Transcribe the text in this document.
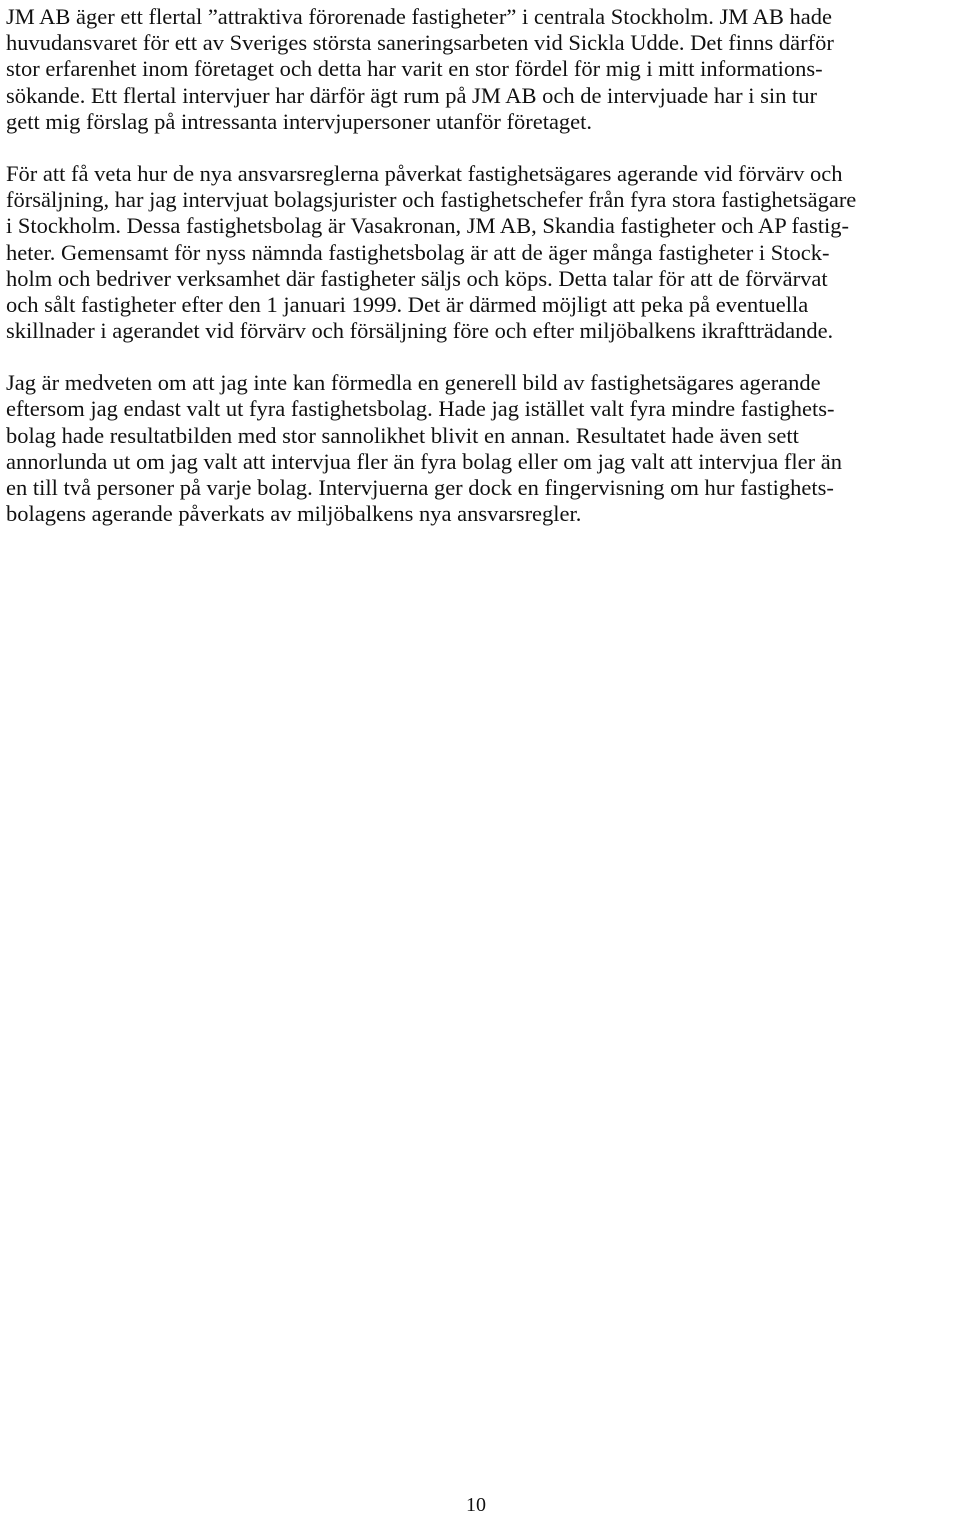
JM AB äger ett flertal ”attraktiva förorenade fastigheter” i centrala Stockholm. JM AB hade
huvudansvaret för ett av Sveriges största saneringsarbeten vid Sickla Udde. Det finns därför
stor erfarenhet inom företaget och detta har varit en stor fördel för mig i mitt informations-
sökande. Ett flertal intervjuer har därför ägt rum på JM AB och de intervjuade har i sin tur
gett mig förslag på intressanta intervjupersoner utanför företaget.

För att få veta hur de nya ansvarsreglerna påverkat fastighetsägares agerande vid förvärv och
försäljning, har jag intervjuat bolagsjurister och fastighetschefer från fyra stora fastighetsägare
i Stockholm. Dessa fastighetsbolag är Vasakronan, JM AB, Skandia fastigheter och AP fastig-
heter. Gemensamt för nyss nämnda fastighetsbolag är att de äger många fastigheter i Stock-
holm och bedriver verksamhet där fastigheter säljs och köps. Detta talar för att de förvärvat
och sålt fastigheter efter den 1 januari 1999. Det är därmed möjligt att peka på eventuella
skillnader i agerandet vid förvärv och försäljning före och efter miljöbalkens ikraftträdande.

Jag är medveten om att jag inte kan förmedla en generell bild av fastighetsägares agerande
eftersom jag endast valt ut fyra fastighetsbolag. Hade jag istället valt fyra mindre fastighets-
bolag hade resultatbilden med stor sannolikhet blivit en annan. Resultatet hade även sett
annorlunda ut om jag valt att intervjua fler än fyra bolag eller om jag valt att intervjua fler än
en till två personer på varje bolag. Intervjuerna ger dock en fingervisning om hur fastighets-
bolagens agerande påverkats av miljöbalkens nya ansvarsregler.

10
